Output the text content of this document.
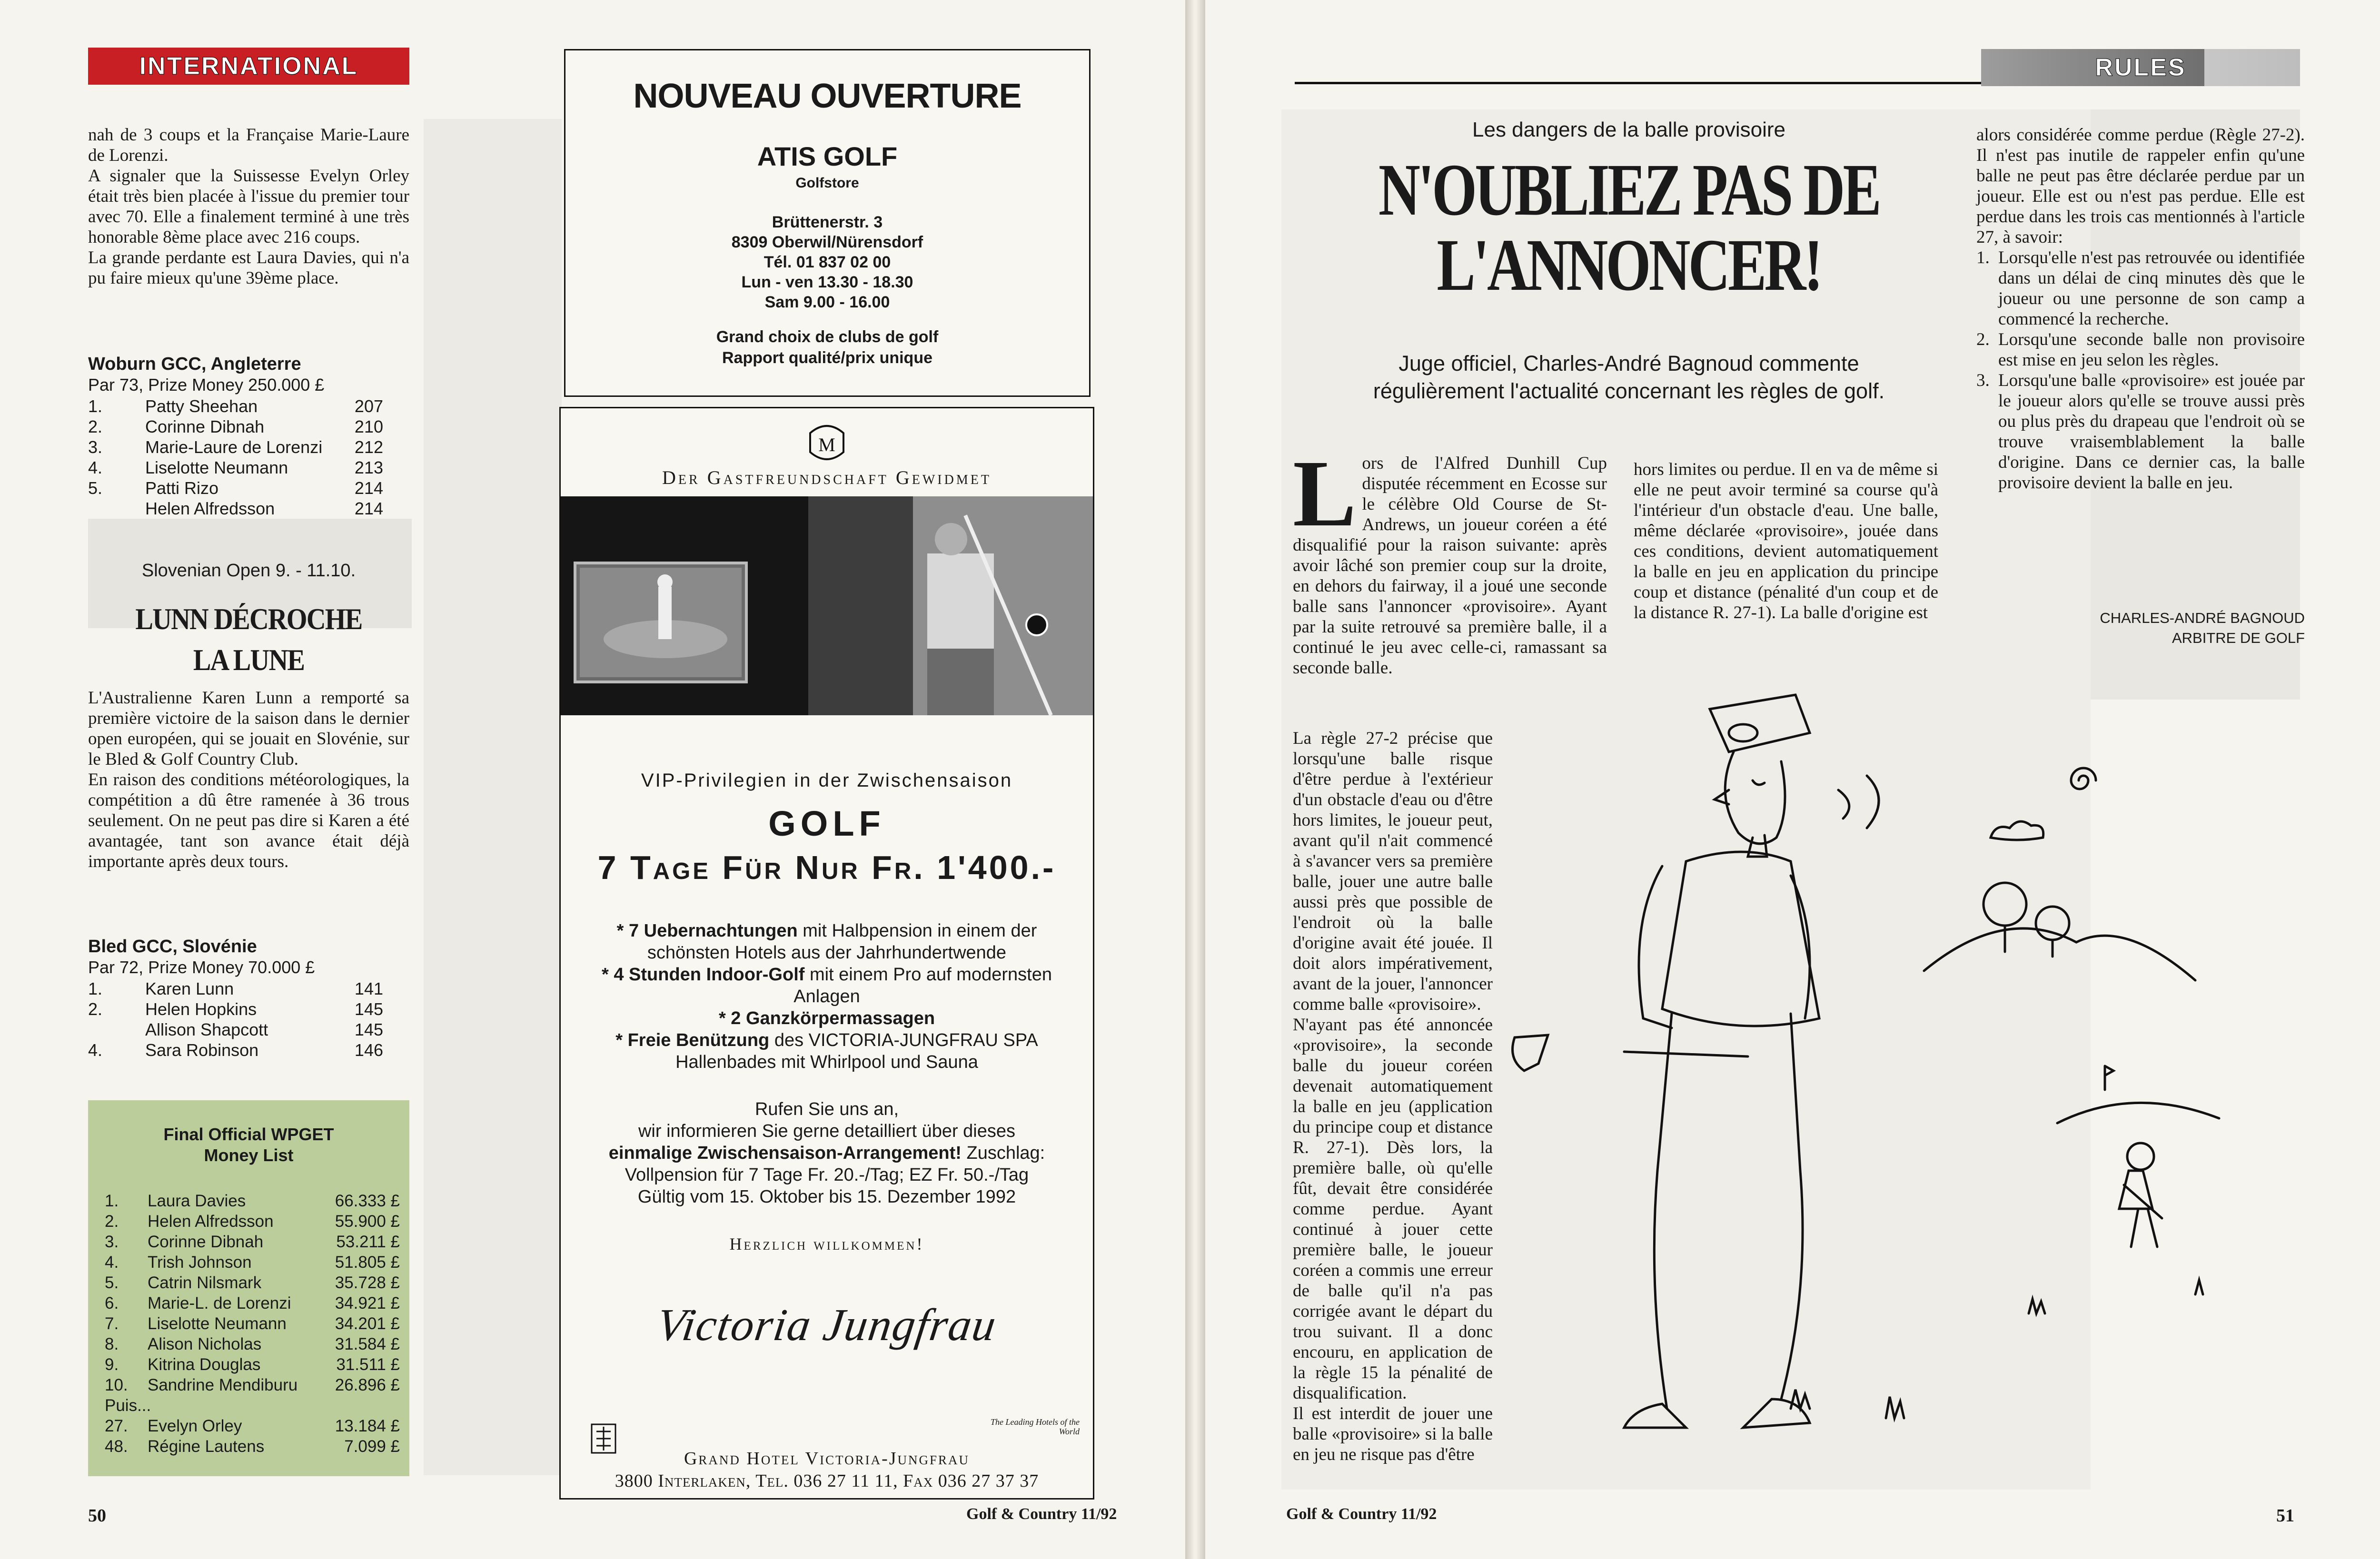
INTERNATIONAL
nah de 3 coups et la Française Marie-Laure de Lorenzi.
A signaler que la Suissesse Evelyn Orley était très bien placée à l'issue du premier tour avec 70. Elle a finalement terminé à une très honorable 8ème place avec 216 coups.
La grande perdante est Laura Davies, qui n'a pu faire mieux qu'une 39ème place.
Woburn GCC, Angleterre
Par 73, Prize Money 250.000 £
1. Patty Sheehan	207
2. Corinne Dibnah	210
3. Marie-Laure de Lorenzi 212
4. Liselotte Neumann	213
5. Patti Rizo	214
Helen Alfredsson	214
Slovenian Open 9. - 11.10.
LUNN DÉCROCHE
LA LUNE
L'Australienne Karen Lunn a remporté sa première victoire de la saison dans le dernier open européen, qui se jouait en Slovénie, sur le Bled & Golf Country Club.
En raison des conditions météorologiques, la compétition a dû être ramenée à 36 trous seulement. On ne peut pas dire si Karen a été avantagée, tant son avance était déjà importante après deux tours.
Bled GCC, Slovénie
Par 72, Prize Money 70.000 £
1. Karen Lunn	141
2. Helen Hopkins	145
Allison Shapcott	145
4. Sara Robinson	146
Final Official WPGET
Money List
1. Laura Davies	66.333 £
2. Helen Alfredsson	55.900 £
3. Corinne Dibnah	53.211 £
4. Trish Johnson	51.805 £
5. Catrin Nilsmark	35.728 £
6. Marie-L. de Lorenzi	34.921 £
7. Liselotte Neumann	34.201 £
8. Alison Nicholas	31.584 £
9. Kitrina Douglas	31.511 £
10. Sandrine Mendiburu 26.896 £
Puis...
27. Evelyn Orley	13.184 £
48. Régine Lautens	7.099 £
50	Golf & Country 11/92
NOUVEAU OUVERTURE
ATIS GOLF
Golfstore
Brüttenerstr. 3
8309 Oberwil/Nürensdorf
Tél. 01 837 02 00
Lun - ven 13.30 - 18.30
Sam 9.00 - 16.00
Grand choix de clubs de golf
Rapport qualité/prix unique
M
Der Gastfreundschaft Gewidmet
VIP-Privilegien in der Zwischensaison
GOLF
7 Tage Für Nur Fr. 1'400.-
* 7 Uebernachtungen mit Halbpension in einem der schönsten Hotels aus der Jahrhundertwende
* 4 Stunden Indoor-Golf mit einem Pro auf modernsten Anlagen
* 2 Ganzkörpermassagen
* Freie Benützung des VICTORIA-JUNGFRAU SPA Hallenbades mit Whirlpool und Sauna
Rufen Sie uns an,
wir informieren Sie gerne detailliert über dieses
einmalige Zwischensaison-Arrangement! Zuschlag:
Vollpension für 7 Tage Fr. 20.-/Tag; EZ Fr. 50.-/Tag
Gültig vom 15. Oktober bis 15. Dezember 1992
Herzlich willkommen!
Victoria Jungfrau
The Leading Hotels of the World
Grand Hotel Victoria-Jungfrau
3800 Interlaken, Tel. 036 27 11 11, Fax 036 27 37 37
RULES
Les dangers de la balle provisoire
N'OUBLIEZ PAS DE
L'ANNONCER!
Juge officiel, Charles-André Bagnoud commente
régulièrement l'actualité concernant les règles de golf.
L ors de l'Alfred Dunhill Cup disputée récemment en Ecosse sur le célèbre Old Course de St-Andrews, un joueur coréen a été disqualifié pour la raison suivante: après avoir lâché son premier coup sur la droite, en dehors du fairway, il a joué une seconde balle sans l'annoncer «provisoire». Ayant par la suite retrouvé sa première balle, il a continué le jeu avec celle-ci, ramassant sa seconde balle.
La règle 27-2 précise que lorsqu'une balle risque d'être perdue à l'extérieur d'un obstacle d'eau ou d'être hors limites, le joueur peut, avant qu'il n'ait commencé à s'avancer vers sa première balle, jouer une autre balle aussi près que possible de l'endroit où la balle d'origine avait été jouée. Il doit alors impérativement, avant de la jouer, l'annoncer comme balle «provisoire».
N'ayant pas été annoncée «provisoire», la seconde balle du joueur coréen devenait automatiquement la balle en jeu (application du principe coup et distance R. 27-1). Dès lors, la première balle, où qu'elle fût, devait être considérée comme perdue. Ayant continué à jouer cette première balle, le joueur coréen a commis une erreur de balle qu'il n'a pas corrigée avant le départ du trou suivant. Il a donc encouru, en application de la règle 15 la pénalité de disqualification.
Il est interdit de jouer une balle «provisoire» si la balle en jeu ne risque pas d'être
hors limites ou perdue. Il en va de même si elle ne peut avoir terminé sa course qu'à l'intérieur d'un obstacle d'eau. Une balle, même déclarée «provisoire», jouée dans ces conditions, devient automatiquement la balle en jeu en application du principe coup et distance (pénalité d'un coup et de la distance R. 27-1). La balle d'origine est
alors considérée comme perdue (Règle 27-2). Il n'est pas inutile de rappeler enfin qu'une balle ne peut pas être déclarée perdue par un joueur. Elle est ou n'est pas perdue. Elle est perdue dans les trois cas mentionnés à l'article 27, à savoir:
1. Lorsqu'elle n'est pas retrouvée ou identifiée dans un délai de cinq minutes dès que le joueur ou une personne de son camp a commencé la recherche.
2. Lorsqu'une seconde balle non provisoire est mise en jeu selon les règles.
3. Lorsqu'une balle «provisoire» est jouée par le joueur alors qu'elle se trouve aussi près ou plus près du drapeau que l'endroit où se trouve vraisemblablement la balle d'origine. Dans ce dernier cas, la balle provisoire devient la balle en jeu.
CHARLES-ANDRÉ BAGNOUD
ARBITRE DE GOLF
Golf & Country 11/92	51
